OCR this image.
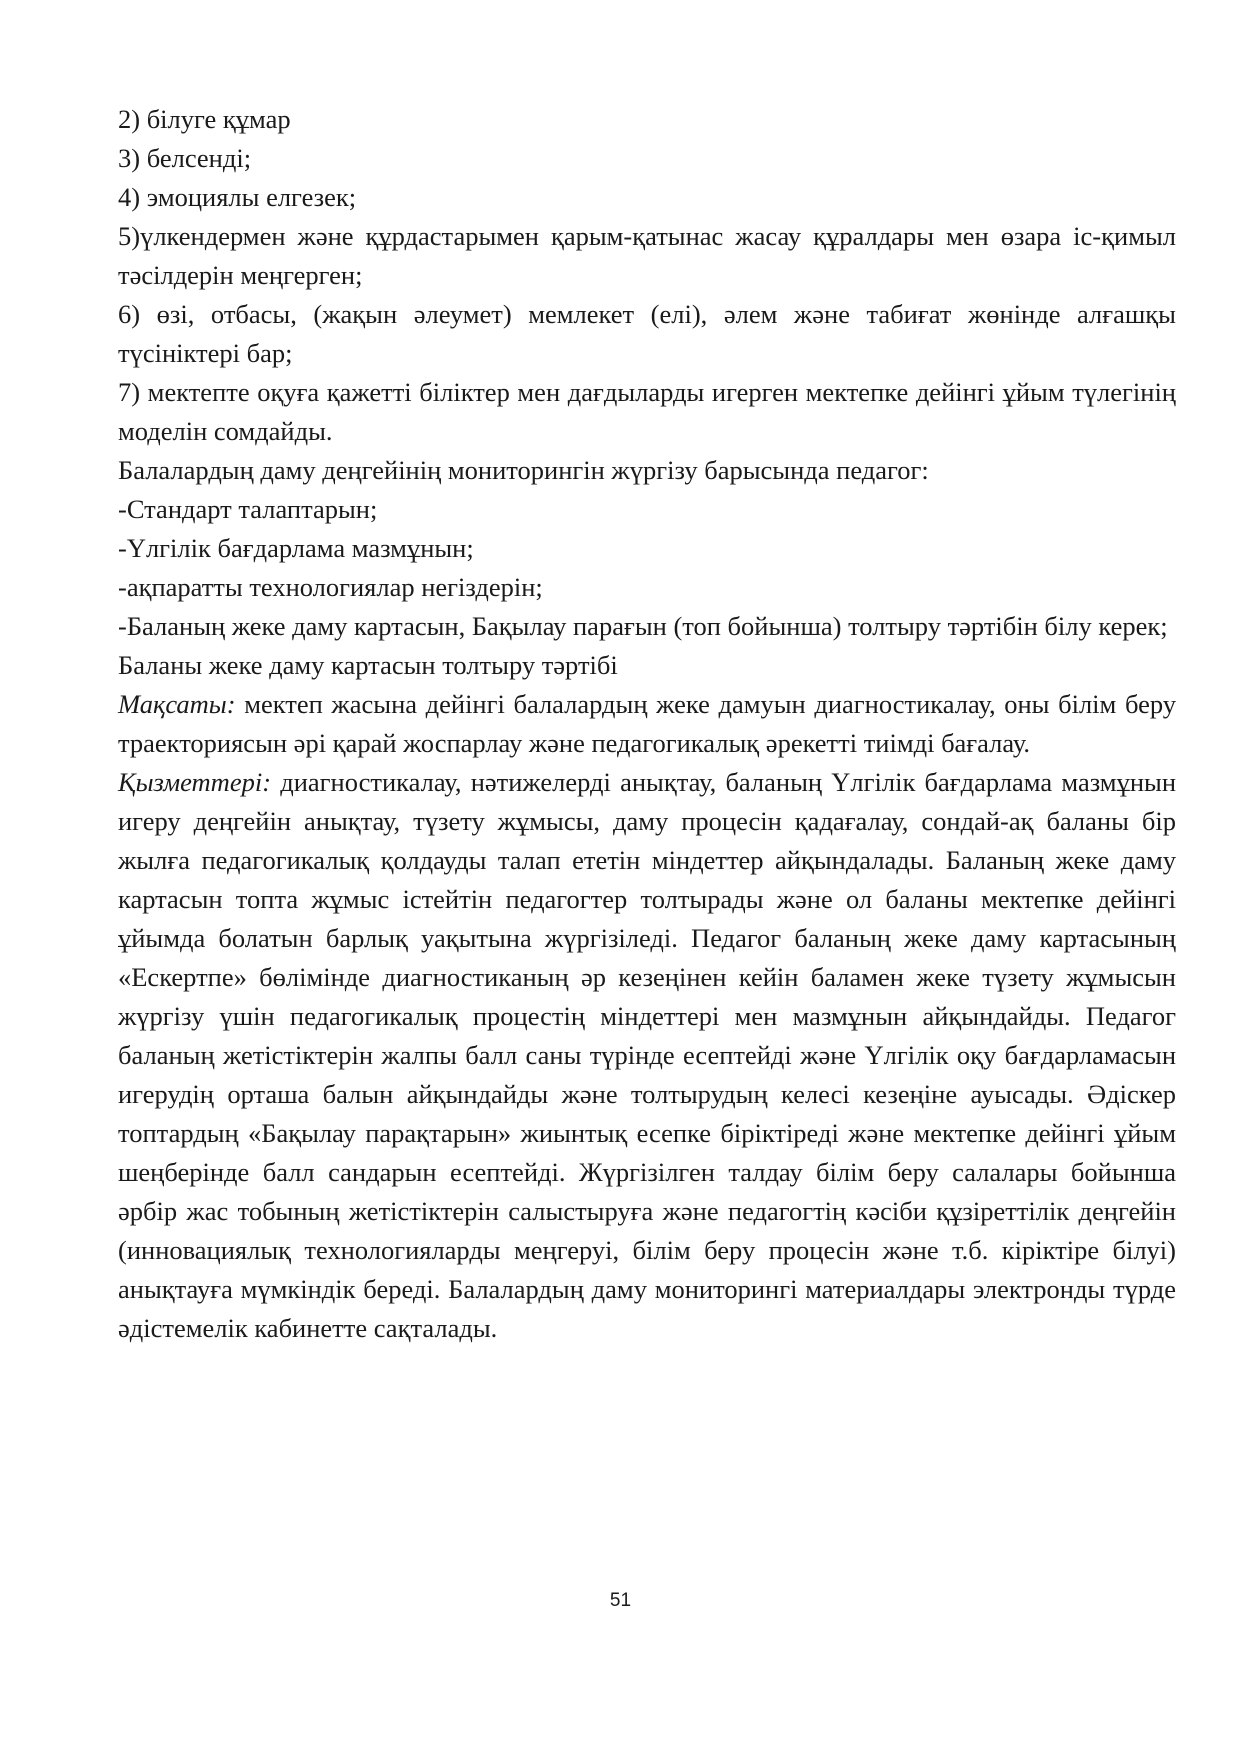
2) білуге құмар

3) белсенді;

4) эмоциялы елгезек;

5)үлкендермен және құрдастарымен қарым-қатынас жасау құралдары мен өзара іс-қимыл тәсілдерін меңгерген;

6) өзі, отбасы, (жақын әлеумет) мемлекет (елі), әлем және табиғат жөнінде алғашқы түсініктері бар;

7) мектепте оқуға қажетті біліктер мен дағдыларды игерген мектепке дейінгі ұйым түлегінің моделін сомдайды.

Балалардың даму деңгейінің мониторингін жүргізу барысында педагог:

-Стандарт талаптарын;

-Үлгілік бағдарлама мазмұнын;

-ақпаратты технологиялар негіздерін;

-Баланың жеке даму картасын, Бақылау парағын (топ бойынша) толтыру тәртібін білу керек;

Баланы жеке даму картасын толтыру тәртібі

Мақсаты: мектеп жасына дейінгі балалардың жеке дамуын диагностикалау, оны білім беру траекториясын әрі қарай жоспарлау және педагогикалық әрекетті тиімді бағалау.

Қызметтері: диагностикалау, нәтижелерді анықтау, баланың Үлгілік бағдарлама мазмұнын игеру деңгейін анықтау, түзету жұмысы, даму процесін қадағалау, сондай-ақ баланы бір жылға педагогикалық қолдауды талап ететін міндеттер айқындалады. Баланың жеке даму картасын топта жұмыс істейтін педагогтер толтырады және ол баланы мектепке дейінгі ұйымда болатын барлық уақытына жүргізіледі. Педагог баланың жеке даму картасының «Ескертпе» бөлімінде диагностиканың әр кезеңінен кейін баламен жеке түзету жұмысын жүргізу үшін педагогикалық процестің міндеттері мен мазмұнын айқындайды. Педагог баланың жетістіктерін жалпы балл саны түрінде есептейді және Үлгілік оқу бағдарламасын игерудің орташа балын айқындайды және толтырудың келесі кезеңіне ауысады. Әдіскер топтардың «Бақылау парақтарын» жиынтық есепке біріктіреді және мектепке дейінгі ұйым шеңберінде балл сандарын есептейді. Жүргізілген талдау білім беру салалары бойынша әрбір жас тобының жетістіктерін салыстыруға және педагогтің кәсіби құзіреттілік деңгейін (инновациялық технологияларды меңгеруі, білім беру процесін және т.б. кіріктіре білуі) анықтауға мүмкіндік береді. Балалардың даму мониторингі материалдары электронды түрде әдістемелік кабинетте сақталады.

51
